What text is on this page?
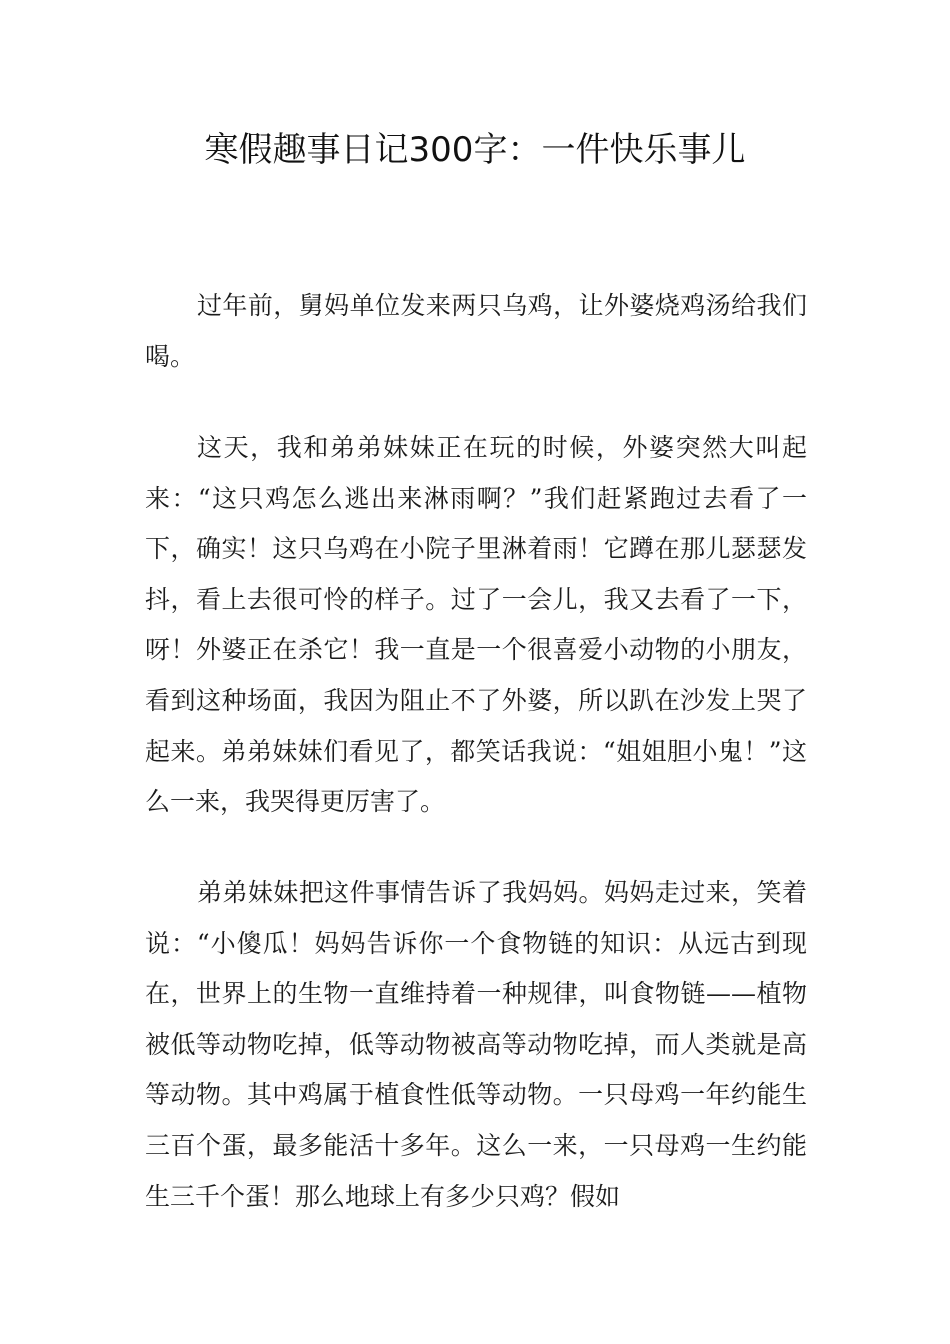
寒假趣事日记300字：一件快乐事儿

过年前，舅妈单位发来两只乌鸡，让外婆烧鸡汤给我们喝。

这天，我和弟弟妹妹正在玩的时候，外婆突然大叫起来：“这只鸡怎么逃出来淋雨啊？”我们赶紧跑过去看了一下，确实！这只乌鸡在小院子里淋着雨！它蹲在那儿瑟瑟发抖，看上去很可怜的样子。过了一会儿，我又去看了一下，呀！外婆正在杀它！我一直是一个很喜爱小动物的小朋友，看到这种场面，我因为阻止不了外婆，所以趴在沙发上哭了起来。弟弟妹妹们看见了，都笑话我说：“姐姐胆小鬼！”这么一来，我哭得更厉害了。

弟弟妹妹把这件事情告诉了我妈妈。妈妈走过来，笑着说：“小傻瓜！妈妈告诉你一个食物链的知识：从远古到现在，世界上的生物一直维持着一种规律，叫食物链——植物被低等动物吃掉，低等动物被高等动物吃掉，而人类就是高等动物。其中鸡属于植食性低等动物。一只母鸡一年约能生三百个蛋，最多能活十多年。这么一来，一只母鸡一生约能生三千个蛋！那么地球上有多少只鸡？假如
